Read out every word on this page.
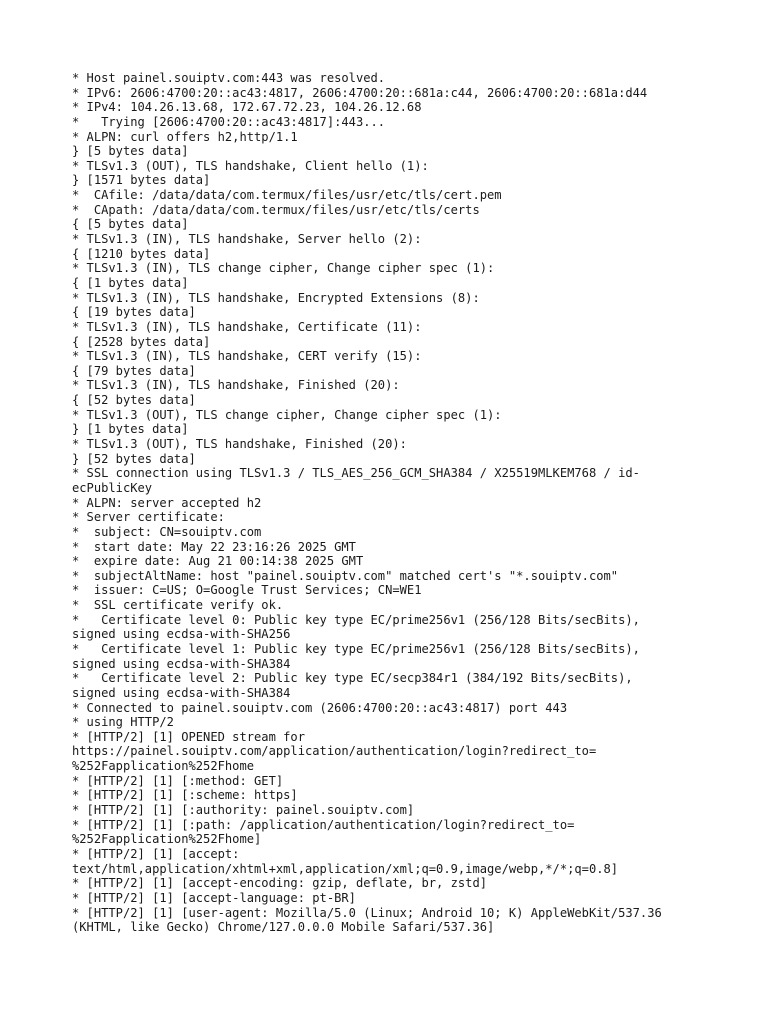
* Host painel.souiptv.com:443 was resolved.
* IPv6: 2606:4700:20::ac43:4817, 2606:4700:20::681a:c44, 2606:4700:20::681a:d44
* IPv4: 104.26.13.68, 172.67.72.23, 104.26.12.68
*   Trying [2606:4700:20::ac43:4817]:443...
* ALPN: curl offers h2,http/1.1
} [5 bytes data]
* TLSv1.3 (OUT), TLS handshake, Client hello (1):
} [1571 bytes data]
*  CAfile: /data/data/com.termux/files/usr/etc/tls/cert.pem
*  CApath: /data/data/com.termux/files/usr/etc/tls/certs
{ [5 bytes data]
* TLSv1.3 (IN), TLS handshake, Server hello (2):
{ [1210 bytes data]
* TLSv1.3 (IN), TLS change cipher, Change cipher spec (1):
{ [1 bytes data]
* TLSv1.3 (IN), TLS handshake, Encrypted Extensions (8):
{ [19 bytes data]
* TLSv1.3 (IN), TLS handshake, Certificate (11):
{ [2528 bytes data]
* TLSv1.3 (IN), TLS handshake, CERT verify (15):
{ [79 bytes data]
* TLSv1.3 (IN), TLS handshake, Finished (20):
{ [52 bytes data]
* TLSv1.3 (OUT), TLS change cipher, Change cipher spec (1):
} [1 bytes data]
* TLSv1.3 (OUT), TLS handshake, Finished (20):
} [52 bytes data]
* SSL connection using TLSv1.3 / TLS_AES_256_GCM_SHA384 / X25519MLKEM768 / id-
ecPublicKey
* ALPN: server accepted h2
* Server certificate:
*  subject: CN=souiptv.com
*  start date: May 22 23:16:26 2025 GMT
*  expire date: Aug 21 00:14:38 2025 GMT
*  subjectAltName: host "painel.souiptv.com" matched cert's "*.souiptv.com"
*  issuer: C=US; O=Google Trust Services; CN=WE1
*  SSL certificate verify ok.
*   Certificate level 0: Public key type EC/prime256v1 (256/128 Bits/secBits),
signed using ecdsa-with-SHA256
*   Certificate level 1: Public key type EC/prime256v1 (256/128 Bits/secBits),
signed using ecdsa-with-SHA384
*   Certificate level 2: Public key type EC/secp384r1 (384/192 Bits/secBits),
signed using ecdsa-with-SHA384
* Connected to painel.souiptv.com (2606:4700:20::ac43:4817) port 443
* using HTTP/2
* [HTTP/2] [1] OPENED stream for
https://painel.souiptv.com/application/authentication/login?redirect_to=
%252Fapplication%252Fhome
* [HTTP/2] [1] [:method: GET]
* [HTTP/2] [1] [:scheme: https]
* [HTTP/2] [1] [:authority: painel.souiptv.com]
* [HTTP/2] [1] [:path: /application/authentication/login?redirect_to=
%252Fapplication%252Fhome]
* [HTTP/2] [1] [accept:
text/html,application/xhtml+xml,application/xml;q=0.9,image/webp,*/*;q=0.8]
* [HTTP/2] [1] [accept-encoding: gzip, deflate, br, zstd]
* [HTTP/2] [1] [accept-language: pt-BR]
* [HTTP/2] [1] [user-agent: Mozilla/5.0 (Linux; Android 10; K) AppleWebKit/537.36
(KHTML, like Gecko) Chrome/127.0.0.0 Mobile Safari/537.36]
